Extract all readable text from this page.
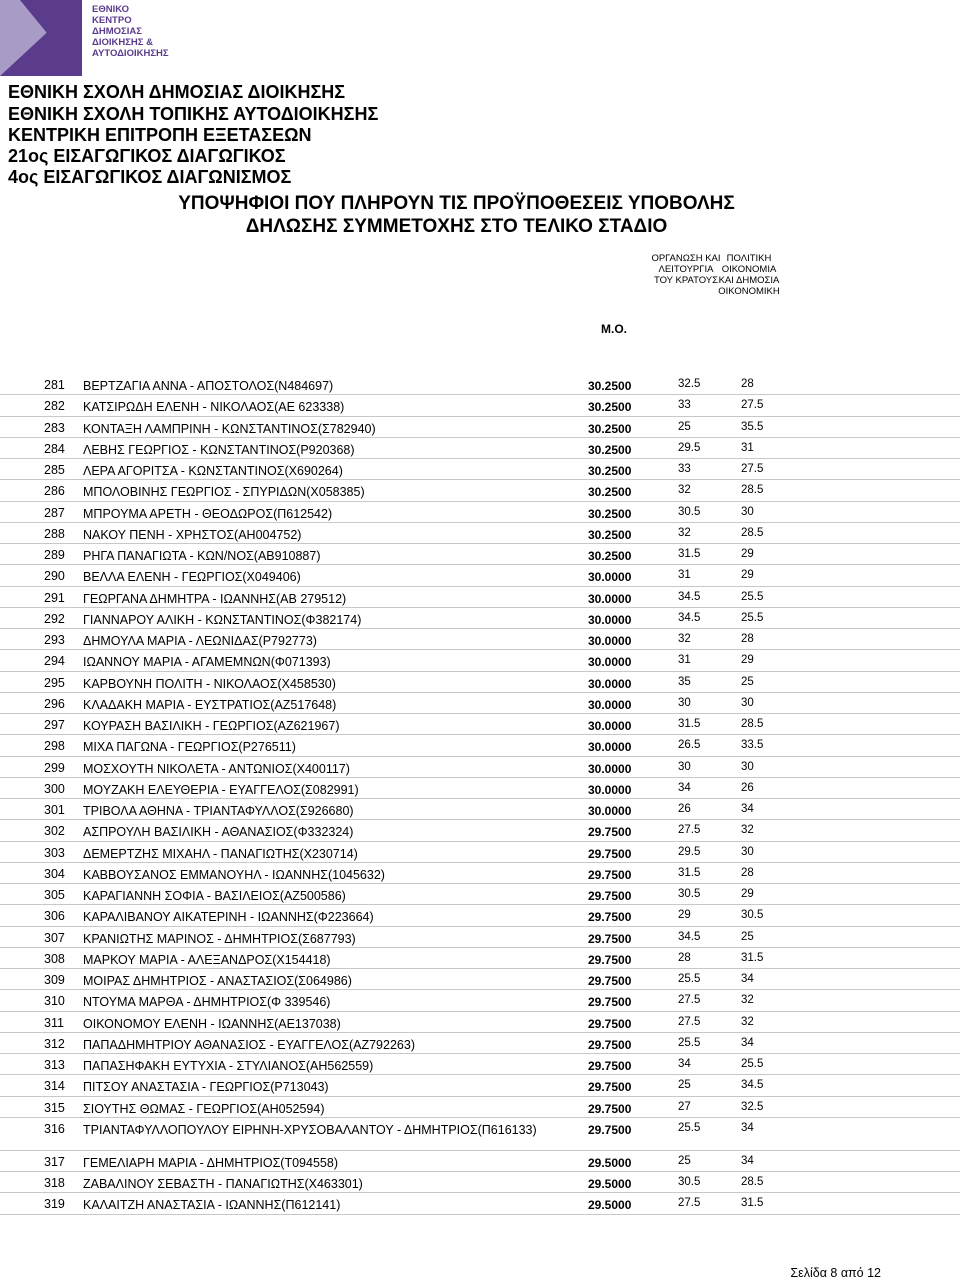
ΕΘΝΙΚΟ
ΚΕΝΤΡΟ
ΔΗΜΟΣΙΑΣ
ΔΙΟΙΚΗΣΗΣ &
ΑΥΤΟΔΙΟΙΚΗΣΗΣ
ΕΘΝΙΚΗ ΣΧΟΛΗ ΔΗΜΟΣΙΑΣ ΔΙΟΙΚΗΣΗΣ
ΕΘΝΙΚΗ ΣΧΟΛΗ ΤΟΠΙΚΗΣ ΑΥΤΟΔΙΟΙΚΗΣΗΣ
ΚΕΝΤΡΙΚΗ ΕΠΙΤΡΟΠΗ ΕΞΕΤΑΣΕΩΝ
21ος ΕΙΣΑΓΩΓΙΚΟΣ ΔΙΑΓΩΓΙΚΟΣ
4ος ΕΙΣΑΓΩΓΙΚΟΣ ΔΙΑΓΩΝΙΣΜΟΣ
ΥΠΟΨΗΦΙΟΙ ΠΟΥ ΠΛΗΡΟΥΝ ΤΙΣ ΠΡΟΫΠΟΘΕΣΕΙΣ ΥΠΟΒΟΛΗΣ
ΔΗΛΩΣΗΣ ΣΥΜΜΕΤΟΧΗΣ ΣΤΟ ΤΕΛΙΚΟ ΣΤΑΔΙΟ
ΟΡΓΑΝΩΣΗ ΚΑΙ
ΛΕΙΤΟΥΡΓΙΑ
ΤΟΥ ΚΡΑΤΟΥΣ
ΠΟΛΙΤΙΚΗ
ΟΙΚΟΝΟΜΙΑ
ΚΑΙ ΔΗΜΟΣΙΑ
ΟΙΚΟΝΟΜΙΚΗ
Μ.Ο.
281	ΒΕΡΤΖΑΓΙΑ ΑΝΝΑ - ΑΠΟΣΤΟΛΟΣ(Ν484697)	30.2500	32.5	28
282	ΚΑΤΣΙΡΩΔΗ ΕΛΕΝΗ - ΝΙΚΟΛΑΟΣ(ΑΕ 623338)	30.2500	33	27.5
283	ΚΟΝΤΑΞΗ ΛΑΜΠΡΙΝΗ - ΚΩΝΣΤΑΝΤΙΝΟΣ(Σ782940)	30.2500	25	35.5
284	ΛΕΒΗΣ ΓΕΩΡΓΙΟΣ - ΚΩΝΣΤΑΝΤΙΝΟΣ(Ρ920368)	30.2500	29.5	31
285	ΛΕΡΑ ΑΓΟΡΙΤΣΑ - ΚΩΝΣΤΑΝΤΙΝΟΣ(Χ690264)	30.2500	33	27.5
286	ΜΠΟΛΟΒΙΝΗΣ ΓΕΩΡΓΙΟΣ - ΣΠΥΡΙΔΩΝ(Χ058385)	30.2500	32	28.5
287	ΜΠΡΟΥΜΑ ΑΡΕΤΗ - ΘΕΟΔΩΡΟΣ(Π612542)	30.2500	30.5	30
288	ΝΑΚΟΥ ΠΕΝΗ - ΧΡΗΣΤΟΣ(ΑΗ004752)	30.2500	32	28.5
289	ΡΗΓΑ ΠΑΝΑΓΙΩΤΑ - ΚΩΝ/ΝΟΣ(ΑΒ910887)	30.2500	31.5	29
290	ΒΕΛΛΑ ΕΛΕΝΗ - ΓΕΩΡΓΙΟΣ(Χ049406)	30.0000	31	29
291	ΓΕΩΡΓΑΝΑ ΔΗΜΗΤΡΑ - ΙΩΑΝΝΗΣ(ΑΒ 279512)	30.0000	34.5	25.5
292	ΓΙΑΝΝΑΡΟΥ ΑΛΙΚΗ - ΚΩΝΣΤΑΝΤΙΝΟΣ(Φ382174)	30.0000	34.5	25.5
293	ΔΗΜΟΥΛΑ ΜΑΡΙΑ - ΛΕΩΝΙΔΑΣ(Ρ792773)	30.0000	32	28
294	ΙΩΑΝΝΟΥ ΜΑΡΙΑ - ΑΓΑΜΕΜΝΩΝ(Φ071393)	30.0000	31	29
295	ΚΑΡΒΟΥΝΗ ΠΟΛΙΤΗ - ΝΙΚΟΛΑΟΣ(Χ458530)	30.0000	35	25
296	ΚΛΑΔΑΚΗ ΜΑΡΙΑ - ΕΥΣΤΡΑΤΙΟΣ(ΑΖ517648)	30.0000	30	30
297	ΚΟΥΡΑΣΗ ΒΑΣΙΛΙΚΗ - ΓΕΩΡΓΙΟΣ(ΑΖ621967)	30.0000	31.5	28.5
298	ΜΙΧΑ ΠΑΓΩΝΑ - ΓΕΩΡΓΙΟΣ(Ρ276511)	30.0000	26.5	33.5
299	ΜΟΣΧΟΥΤΗ ΝΙΚΟΛΕΤΑ - ΑΝΤΩΝΙΟΣ(Χ400117)	30.0000	30	30
300	ΜΟΥΖΑΚΗ ΕΛΕΥΘΕΡΙΑ - ΕΥΑΓΓΕΛΟΣ(Σ082991)	30.0000	34	26
301	ΤΡΙΒΟΛΑ ΑΘΗΝΑ - ΤΡΙΑΝΤΑΦΥΛΛΟΣ(Σ926680)	30.0000	26	34
302	ΑΣΠΡΟΥΛΗ ΒΑΣΙΛΙΚΗ - ΑΘΑΝΑΣΙΟΣ(Φ332324)	29.7500	27.5	32
303	ΔΕΜΕΡΤΖΗΣ ΜΙΧΑΗΛ - ΠΑΝΑΓΙΩΤΗΣ(Χ230714)	29.7500	29.5	30
304	ΚΑΒΒΟΥΣΑΝΟΣ ΕΜΜΑΝΟΥΗΛ - ΙΩΑΝΝΗΣ(1045632)	29.7500	31.5	28
305	ΚΑΡΑΓΙΑΝΝΗ ΣΟΦΙΑ - ΒΑΣΙΛΕΙΟΣ(ΑΖ500586)	29.7500	30.5	29
306	ΚΑΡΑΛΙΒΑΝΟΥ ΑΙΚΑΤΕΡΙΝΗ - ΙΩΑΝΝΗΣ(Φ223664)	29.7500	29	30.5
307	ΚΡΑΝΙΩΤΗΣ ΜΑΡΙΝΟΣ - ΔΗΜΗΤΡΙΟΣ(Σ687793)	29.7500	34.5	25
308	ΜΑΡΚΟΥ ΜΑΡΙΑ - ΑΛΕΞΑΝΔΡΟΣ(Χ154418)	29.7500	28	31.5
309	ΜΟΙΡΑΣ ΔΗΜΗΤΡΙΟΣ - ΑΝΑΣΤΑΣΙΟΣ(Σ064986)	29.7500	25.5	34
310	ΝΤΟΥΜΑ ΜΑΡΘΑ - ΔΗΜΗΤΡΙΟΣ(Φ 339546)	29.7500	27.5	32
311	ΟΙΚΟΝΟΜΟΥ ΕΛΕΝΗ - ΙΩΑΝΝΗΣ(ΑΕ137038)	29.7500	27.5	32
312	ΠΑΠΑΔΗΜΗΤΡΙΟΥ ΑΘΑΝΑΣΙΟΣ - ΕΥΑΓΓΕΛΟΣ(ΑΖ792263)	29.7500	25.5	34
313	ΠΑΠΑΣΗΦΑΚΗ ΕΥΤΥΧΙΑ - ΣΤΥΛΙΑΝΟΣ(ΑΗ562559)	29.7500	34	25.5
314	ΠΙΤΣΟΥ ΑΝΑΣΤΑΣΙΑ - ΓΕΩΡΓΙΟΣ(Ρ713043)	29.7500	25	34.5
315	ΣΙΟΥΤΗΣ ΘΩΜΑΣ - ΓΕΩΡΓΙΟΣ(ΑΗ052594)	29.7500	27	32.5
316	ΤΡΙΑΝΤΑΦΥΛΛΟΠΟΥΛΟΥ ΕΙΡΗΝΗ-ΧΡΥΣΟΒΑΛΑΝΤΟΥ - ΔΗΜΗΤΡΙΟΣ(Π616133)	29.7500	25.5	34
317	ΓΕΜΕΛΙΑΡΗ ΜΑΡΙΑ - ΔΗΜΗΤΡΙΟΣ(Τ094558)	29.5000	25	34
318	ΖΑΒΑΛΙΝΟΥ ΣΕΒΑΣΤΗ - ΠΑΝΑΓΙΩΤΗΣ(Χ463301)	29.5000	30.5	28.5
319	ΚΑΛΑΙΤΖΗ ΑΝΑΣΤΑΣΙΑ - ΙΩΑΝΝΗΣ(Π612141)	29.5000	27.5	31.5
Σελίδα 8 από 12
